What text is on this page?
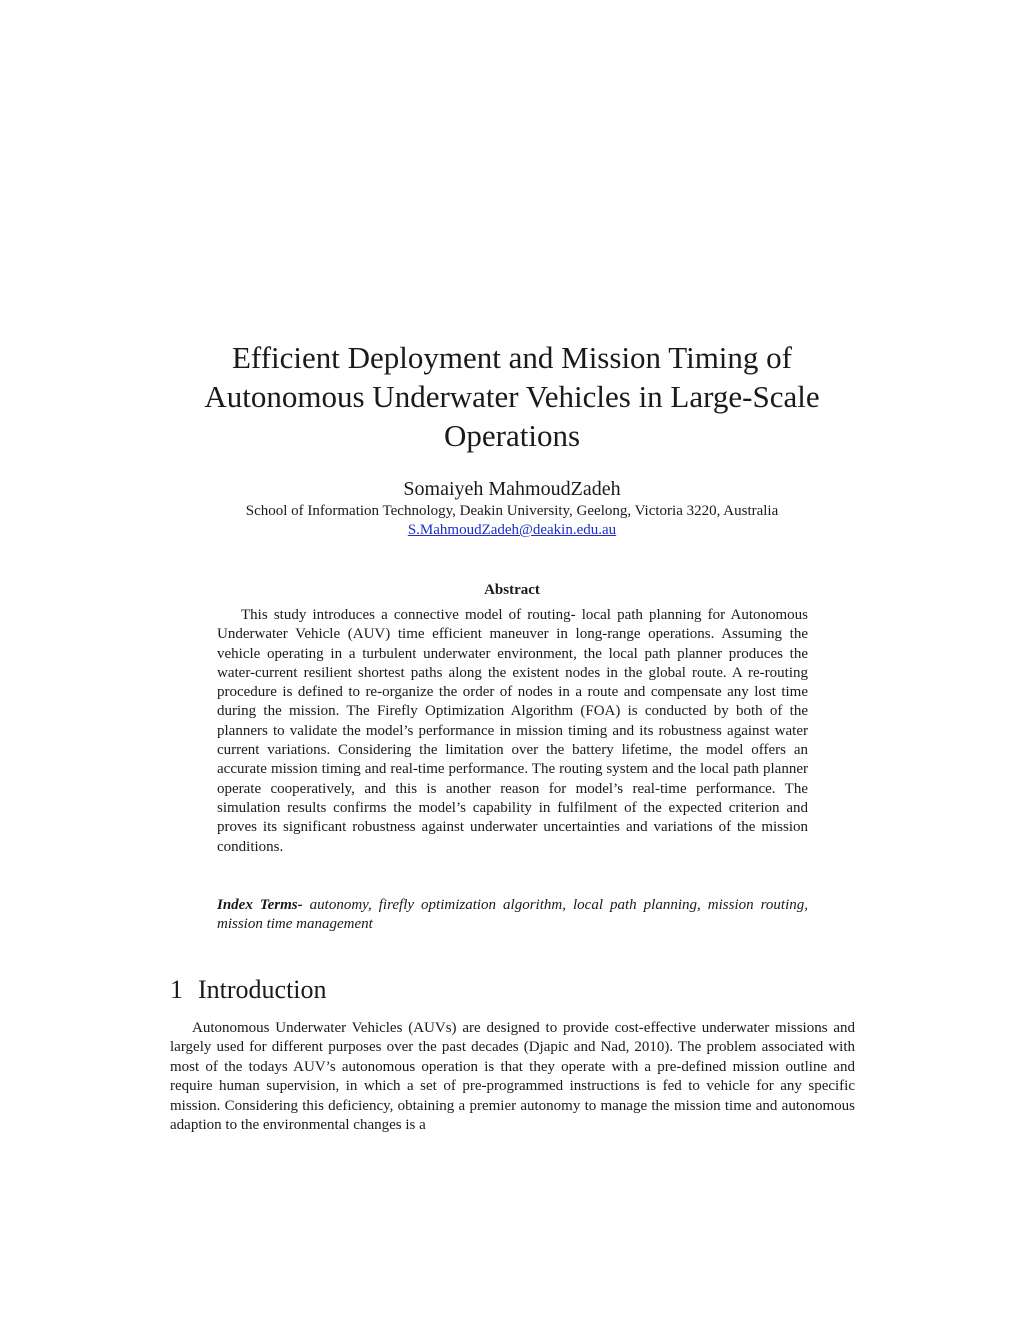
Efficient Deployment and Mission Timing of Autonomous Underwater Vehicles in Large-Scale Operations
Somaiyeh MahmoudZadeh
School of Information Technology, Deakin University, Geelong, Victoria 3220, Australia
S.MahmoudZadeh@deakin.edu.au
Abstract

This study introduces a connective model of routing- local path planning for Autonomous Underwater Vehicle (AUV) time efficient maneuver in long-range operations. Assuming the vehicle operating in a turbulent underwater environment, the local path planner produces the water-current resilient shortest paths along the existent nodes in the global route. A re-routing procedure is defined to re-organize the order of nodes in a route and compensate any lost time during the mission. The Firefly Optimization Algorithm (FOA) is conducted by both of the planners to validate the model’s performance in mission timing and its robustness against water current variations. Considering the limitation over the battery lifetime, the model offers an accurate mission timing and real-time performance. The routing system and the local path planner operate cooperatively, and this is another reason for model’s real-time performance. The simulation results confirms the model’s capability in fulfilment of the expected criterion and proves its significant robustness against underwater uncertainties and variations of the mission conditions.

Index Terms- autonomy, firefly optimization algorithm, local path planning, mission routing, mission time management

1 Introduction

Autonomous Underwater Vehicles (AUVs) are designed to provide cost-effective underwater missions and largely used for different purposes over the past decades (Djapic and Nad, 2010). The problem associated with most of the todays AUV’s autonomous operation is that they operate with a pre-defined mission outline and require human supervision, in which a set of pre-programmed instructions is fed to vehicle for any specific mission. Considering this deficiency, obtaining a premier autonomy to manage the mission time and autonomous adaption to the environmental changes is a
